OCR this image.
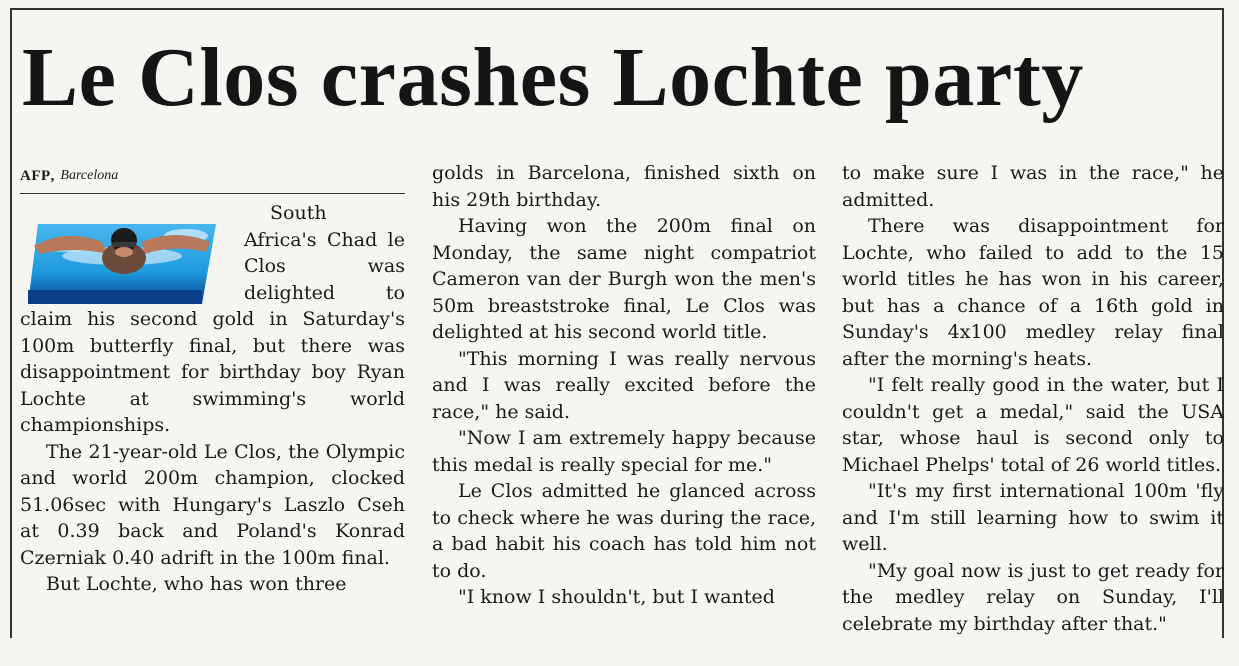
Le Clos crashes Lochte party
AFP , Barcelona

South Africa's Chad le Clos was delighted to claim his second gold in Saturday's 100m butterfly final, but there was disappointment for birthday boy Ryan Lochte at swimming's world championships.

The 21-year-old Le Clos, the Olympic and world 200m champion, clocked 51.06sec with Hungary's Laszlo Cseh at 0.39 back and Poland's Konrad Czerniak 0.40 adrift in the 100m final.

But Lochte, who has won three

golds in Barcelona, finished sixth on his 29th birthday.

Having won the 200m final on Monday, the same night compatriot Cameron van der Burgh won the men's 50m breaststroke final, Le Clos was delighted at his second world title.

"This morning I was really nervous and I was really excited before the race," he said.

"Now I am extremely happy because this medal is really special for me."

Le Clos admitted he glanced across to check where he was during the race, a bad habit his coach has told him not to do.

"I know I shouldn't, but I wanted

to make sure I was in the race," he admitted.

There was disappointment for Lochte, who failed to add to the 15 world titles he has won in his career, but has a chance of a 16th gold in Sunday's 4x100 medley relay final after the morning's heats.

"I felt really good in the water, but I couldn't get a medal," said the USA star, whose haul is second only to Michael Phelps' total of 26 world titles.

"It's my first international 100m 'fly and I'm still learning how to swim it well.

"My goal now is just to get ready for the medley relay on Sunday, I'll celebrate my birthday after that."
